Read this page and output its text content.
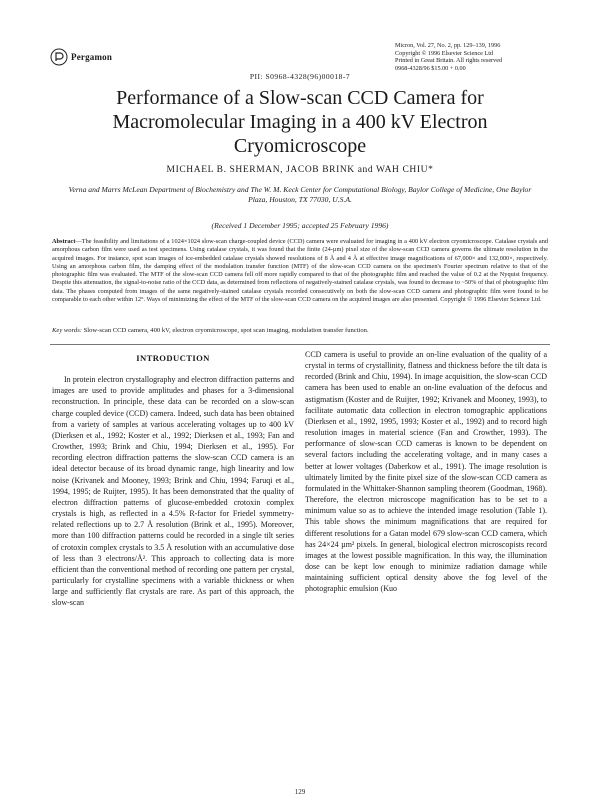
Pergamon
Micron, Vol. 27, No. 2, pp. 129–139, 1996
Copyright © 1996 Elsevier Science Ltd
Printed in Great Britain. All rights reserved
0968-4328/96 $15.00 + 0.00
PII: S0968-4328(96)00018-7
Performance of a Slow-scan CCD Camera for Macromolecular Imaging in a 400 kV Electron Cryomicroscope
MICHAEL B. SHERMAN, JACOB BRINK and WAH CHIU*
Verna and Marrs McLean Department of Biochemistry and The W. M. Keck Center for Computational Biology, Baylor College of Medicine, One Baylor Plaza, Houston, TX 77030, U.S.A.
(Received 1 December 1995; accepted 25 February 1996)
Abstract—The feasibility and limitations of a 1024×1024 slow-scan charge-coupled device (CCD) camera were evaluated for imaging in a 400 kV electron cryomicroscope. Catalase crystals and amorphous carbon film were used as test specimens. Using catalase crystals, it was found that the finite (24-µm) pixel size of the slow-scan CCD camera governs the ultimate resolution in the acquired images. For instance, spot scan images of ice-embedded catalase crystals showed resolutions of 8 Å and 4 Å at effective image magnifications of 67,000× and 132,000×, respectively. Using an amorphous carbon film, the damping effect of the modulation transfer function (MTF) of the slow-scan CCD camera on the specimen's Fourier spectrum relative to that of the photographic film was evaluated. The MTF of the slow-scan CCD camera fell off more rapidly compared to that of the photographic film and reached the value of 0.2 at the Nyquist frequency. Despite this attenuation, the signal-to-noise ratio of the CCD data, as determined from reflections of negatively-stained catalase crystals, was found to decrease to ~50% of that of photographic film data. The phases computed from images of the same negatively-stained catalase crystals recorded consecutively on both the slow-scan CCD camera and photographic film were found to be comparable to each other within 12°. Ways of minimizing the effect of the MTF of the slow-scan CCD camera on the acquired images are also presented. Copyright © 1996 Elsevier Science Ltd.
Key words: Slow-scan CCD camera, 400 kV, electron cryomicroscope, spot scan imaging, modulation transfer function.
INTRODUCTION

In protein electron crystallography and electron diffraction patterns and images are used to provide amplitudes and phases for a 3-dimensional reconstruction. In principle, these data can be recorded on a slow-scan charge coupled device (CCD) camera. Indeed, such data has been obtained from a variety of samples at various accelerating voltages up to 400 kV (Dierksen et al., 1992; Koster et al., 1992; Dierksen et al., 1993; Fan and Crowther, 1993; Brink and Chiu, 1994; Dierksen et al., 1995). For recording electron diffraction patterns the slow-scan CCD camera is an ideal detector because of its broad dynamic range, high linearity and low noise (Krivanek and Mooney, 1993; Brink and Chiu, 1994; Faruqi et al., 1994, 1995; de Ruijter, 1995). It has been demonstrated that the quality of electron diffraction patterns of glucose-embedded crotoxin complex crystals is high, as reflected in a 4.5% R-factor for Friedel symmetry-related reflections up to 2.7 Å resolution (Brink et al., 1995). Moreover, more than 100 diffraction patterns could be recorded in a single tilt series of crotoxin complex crystals to 3.5 Å resolution with an accumulative dose of less than 3 electrons/Å². This approach to collecting data is more efficient than the conventional method of recording one pattern per crystal, particularly for crystalline specimens with a variable thickness or when large and sufficiently flat crystals are rare. As part of this approach, the slow-scan

CCD camera is useful to provide an on-line evaluation of the quality of a crystal in terms of crystallinity, flatness and thickness before the tilt data is recorded (Brink and Chiu, 1994). In image acquisition, the slow-scan CCD camera has been used to enable an on-line evaluation of the defocus and astigmatism (Koster and de Ruijter, 1992; Krivanek and Mooney, 1993), to facilitate automatic data collection in electron tomographic applications (Dierksen et al., 1992, 1995, 1993; Koster et al., 1992) and to record high resolution images in material science (Fan and Crowther, 1993). The performance of slow-scan CCD cameras is known to be dependent on several factors including the accelerating voltage, and in many cases a better at lower voltages (Daberkow et al., 1991). The image resolution is ultimately limited by the finite pixel size of the slow-scan CCD camera as formulated in the Whittaker-Shannon sampling theorem (Goodman, 1968). Therefore, the electron microscope magnification has to be set to a minimum value so as to achieve the intended image resolution (Table 1). This table shows the minimum magnifications that are required for different resolutions for a Gatan model 679 slow-scan CCD camera, which has 24×24 µm² pixels. In general, biological electron microscopists record images at the lowest possible magnification. In this way, the illumination dose can be kept low enough to minimize radiation damage while maintaining sufficient optical density above the fog level of the photographic emulsion (Kuo

129
